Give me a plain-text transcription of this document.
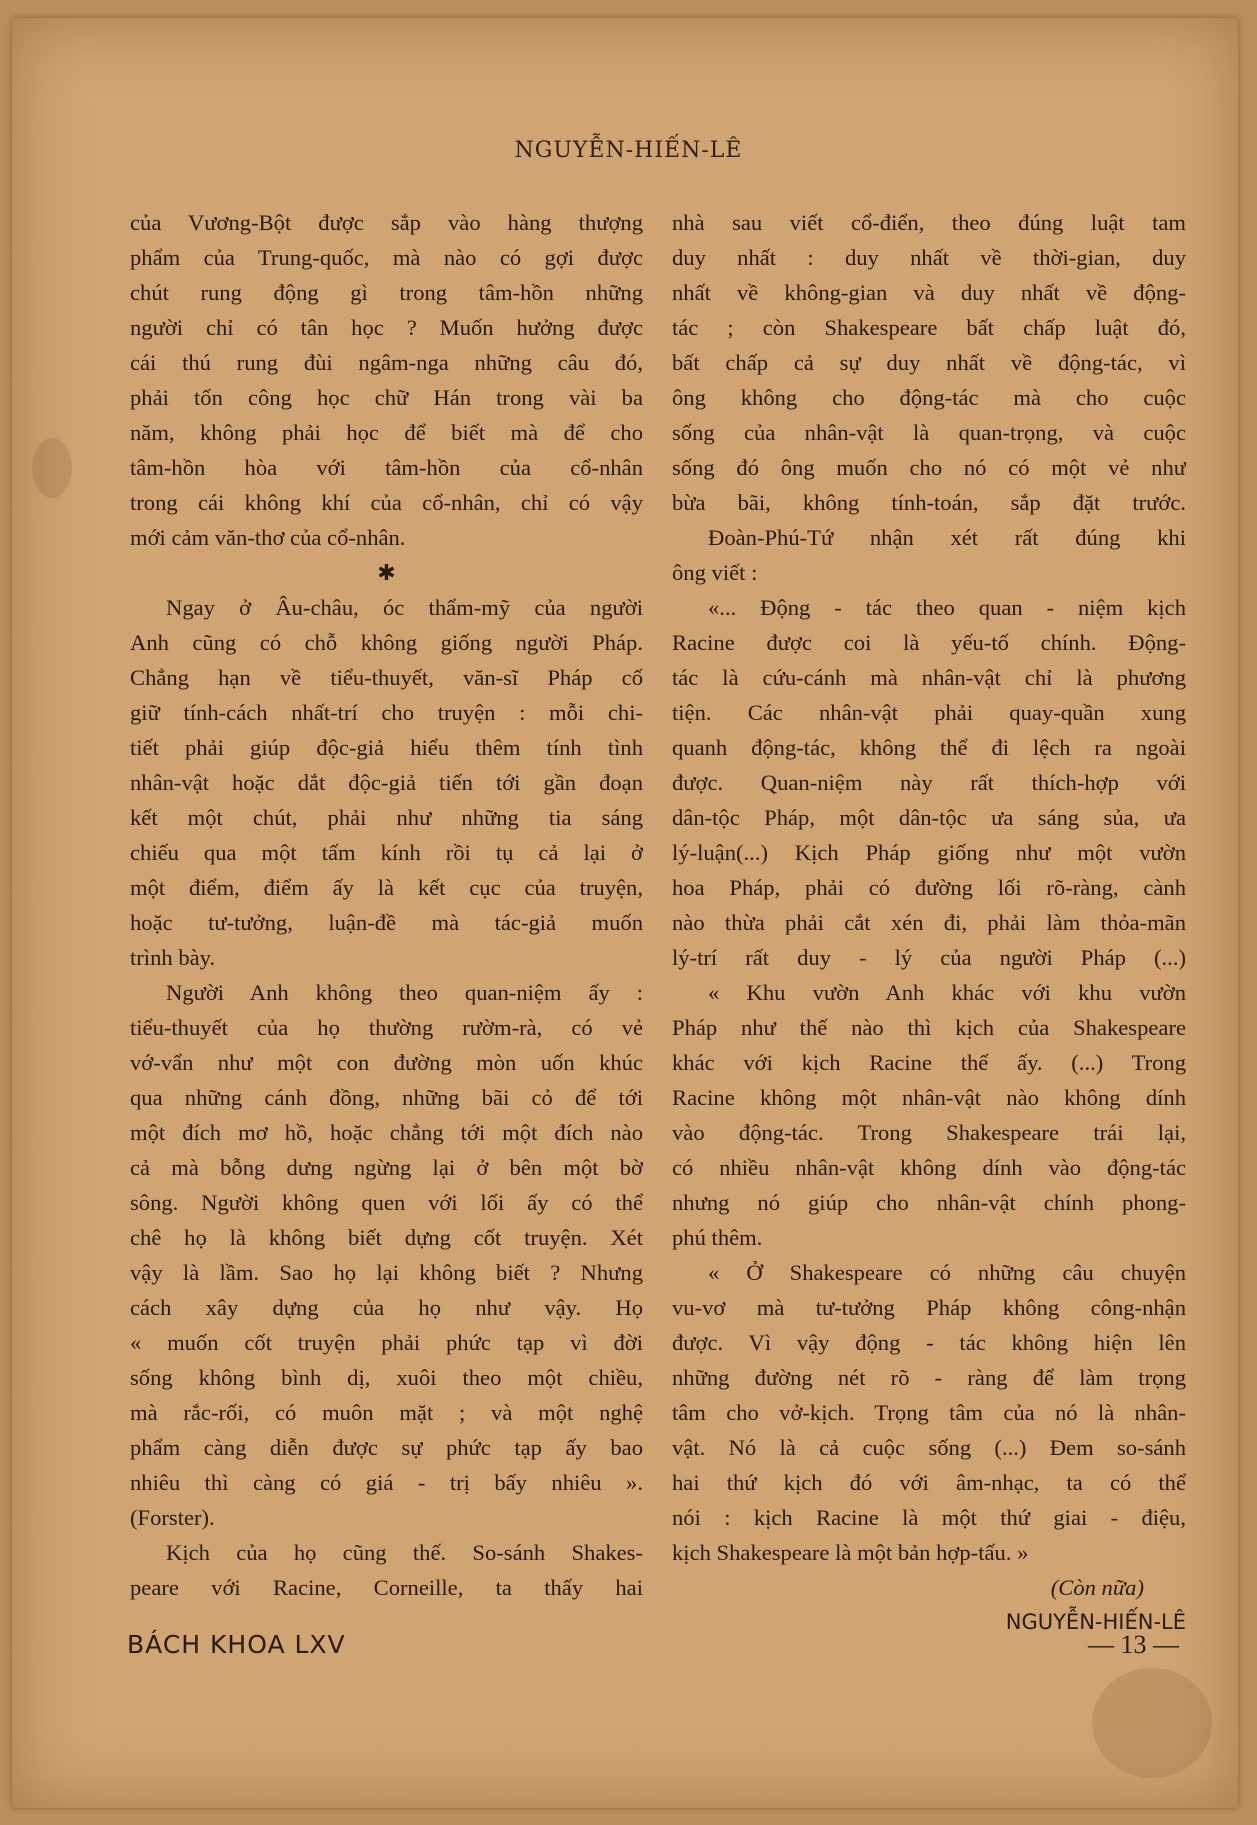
NGUYỄN-HIẾN-LÊ
của Vương-Bột được sắp vào hàng thượng
phẩm của Trung-quốc, mà nào có gợi được
chút rung động gì trong tâm-hồn những
người chỉ có tân học ? Muốn hưởng được
cái thú rung đùi ngâm-nga những câu đó,
phải tốn công học chữ Hán trong vài ba
năm, không phải học để biết mà để cho
tâm-hồn hòa với tâm-hồn của cổ-nhân
trong cái không khí của cổ-nhân, chỉ có vậy
mới cảm văn-thơ của cổ-nhân.
✱
Ngay ở Âu-châu, óc thẩm-mỹ của người
Anh cũng có chỗ không giống người Pháp.
Chẳng hạn về tiểu-thuyết, văn-sĩ Pháp cố
giữ tính-cách nhất-trí cho truyện : mỗi chi-
tiết phải giúp độc-giả hiểu thêm tính tình
nhân-vật hoặc dắt độc-giả tiến tới gần đoạn
kết một chút, phải như những tia sáng
chiếu qua một tấm kính rồi tụ cả lại ở
một điểm, điểm ấy là kết cục của truyện,
hoặc tư-tưởng, luận-đề mà tác-giả muốn
trình bày.
Người Anh không theo quan-niệm ấy :
tiểu-thuyết của họ thường rườm-rà, có vẻ
vớ-vẩn như một con đường mòn uốn khúc
qua những cánh đồng, những bãi cỏ để tới
một đích mơ hồ, hoặc chẳng tới một đích nào
cả mà bỗng dưng ngừng lại ở bên một bờ
sông. Người không quen với lối ấy có thể
chê họ là không biết dựng cốt truyện. Xét
vậy là lầm. Sao họ lại không biết ? Nhưng
cách xây dựng của họ như vậy. Họ
« muốn cốt truyện phải phức tạp vì đời
sống không bình dị, xuôi theo một chiều,
mà rắc-rối, có muôn mặt ; và một nghệ
phẩm càng diễn được sự phức tạp ấy bao
nhiêu thì càng có giá - trị bấy nhiêu ».
(Forster).
Kịch của họ cũng thế. So-sánh Shakes-
peare với Racine, Corneille, ta thấy hai
nhà sau viết cổ-điển, theo đúng luật tam
duy nhất : duy nhất về thời-gian, duy
nhất về không-gian và duy nhất về động-
tác ; còn Shakespeare bất chấp luật đó,
bất chấp cả sự duy nhất về động-tác, vì
ông không cho động-tác mà cho cuộc
sống của nhân-vật là quan-trọng, và cuộc
sống đó ông muốn cho nó có một vẻ như
bừa bãi, không tính-toán, sắp đặt trước.
Đoàn-Phú-Tứ nhận xét rất đúng khi
ông viết :
«... Động - tác theo quan - niệm kịch
Racine được coi là yếu-tố chính. Động-
tác là cứu-cánh mà nhân-vật chỉ là phương
tiện. Các nhân-vật phải quay-quần xung
quanh động-tác, không thể đi lệch ra ngoài
được. Quan-niệm này rất thích-hợp với
dân-tộc Pháp, một dân-tộc ưa sáng sủa, ưa
lý-luận(...) Kịch Pháp giống như một vườn
hoa Pháp, phải có đường lối rõ-ràng, cành
nào thừa phải cắt xén đi, phải làm thỏa-mãn
lý-trí rất duy - lý của người Pháp (...)
« Khu vườn Anh khác với khu vườn
Pháp như thế nào thì kịch của Shakespeare
khác với kịch Racine thế ấy. (...) Trong
Racine không một nhân-vật nào không dính
vào động-tác. Trong Shakespeare trái lại,
có nhiều nhân-vật không dính vào động-tác
nhưng nó giúp cho nhân-vật chính phong-
phú thêm.
« Ở Shakespeare có những câu chuyện
vu-vơ mà tư-tưởng Pháp không công-nhận
được. Vì vậy động - tác không hiện lên
những đường nét rõ - ràng để làm trọng
tâm cho vở-kịch. Trọng tâm của nó là nhân-
vật. Nó là cả cuộc sống (...) Đem so-sánh
hai thứ kịch đó với âm-nhạc, ta có thể
nói : kịch Racine là một thứ giai - điệu,
kịch Shakespeare là một bản hợp-tấu. »
(Còn nữa)
NGUYỄN-HIẾN-LÊ
BÁCH KHOA LXV	— 13 —
